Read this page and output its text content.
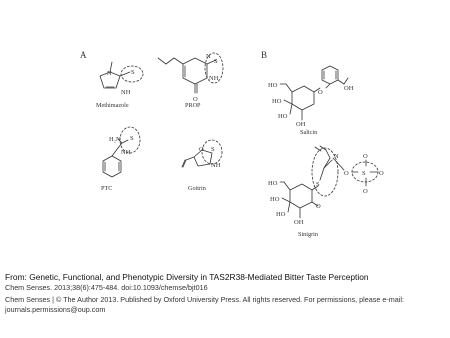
A	B
S
N
NH
Methimazole
S
N
NH
O
PROP
H₂N S
NH
PTC
O S
NH
Goitrin
OH
HO
O
HO
HO
OH
Salicin
N
O S
O
O
O
S
HO
O
HO
HO
OH
Sinigrin
From: Genetic, Functional, and Phenotypic Diversity in TAS2R38-Mediated Bitter Taste Perception
Chem Senses. 2013;38(6):475-484. doi:10.1093/chemse/bjt016
Chem Senses | © The Author 2013. Published by Oxford University Press. All rights reserved. For permissions, please e-mail:
journals.permissions@oup.com
